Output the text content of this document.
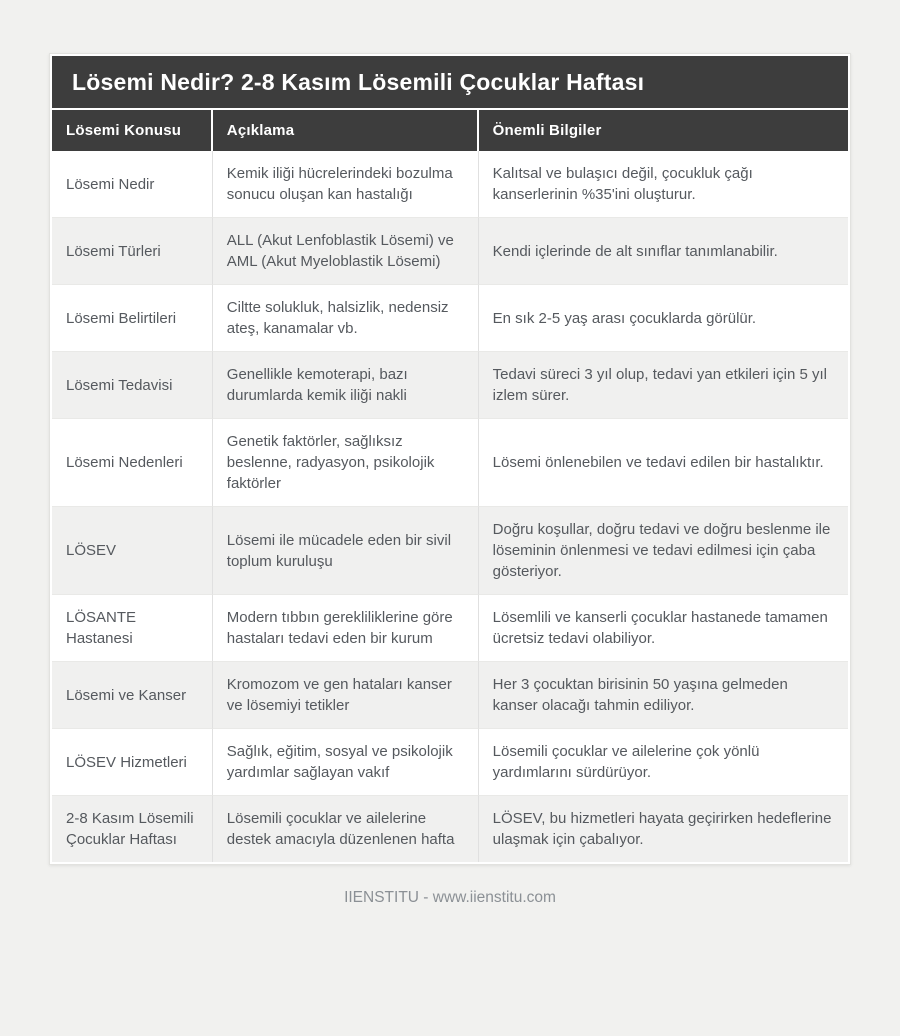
Lösemi Nedir? 2-8 Kasım Lösemili Çocuklar Haftası
Lösemi Konusu	Açıklama	Önemli Bilgiler
Lösemi Nedir	Kemik iliği hücrelerindeki bozulma sonucu oluşan kan hastalığı	Kalıtsal ve bulaşıcı değil, çocukluk çağı kanserlerinin %35'ini oluşturur.
Lösemi Türleri	ALL (Akut Lenfoblastik Lösemi) ve AML (Akut Myeloblastik Lösemi)	Kendi içlerinde de alt sınıflar tanımlanabilir.
Lösemi Belirtileri	Ciltte solukluk, halsizlik, nedensiz ateş, kanamalar vb.	En sık 2-5 yaş arası çocuklarda görülür.
Lösemi Tedavisi	Genellikle kemoterapi, bazı durumlarda kemik iliği nakli	Tedavi süreci 3 yıl olup, tedavi yan etkileri için 5 yıl izlem sürer.
Lösemi Nedenleri	Genetik faktörler, sağlıksız beslenne, radyasyon, psikolojik faktörler	Lösemi önlenebilen ve tedavi edilen bir hastalıktır.
LÖSEV	Lösemi ile mücadele eden bir sivil toplum kuruluşu	Doğru koşullar, doğru tedavi ve doğru beslenme ile löseminin önlenmesi ve tedavi edilmesi için çaba gösteriyor.
LÖSANTE Hastanesi	Modern tıbbın gerekliliklerine göre hastaları tedavi eden bir kurum	Lösemlili ve kanserli çocuklar hastanede tamamen ücretsiz tedavi olabiliyor.
Lösemi ve Kanser	Kromozom ve gen hataları kanser ve lösemiyi tetikler	Her 3 çocuktan birisinin 50 yaşına gelmeden kanser olacağı tahmin ediliyor.
LÖSEV Hizmetleri	Sağlık, eğitim, sosyal ve psikolojik yardımlar sağlayan vakıf	Lösemili çocuklar ve ailelerine çok yönlü yardımlarını sürdürüyor.
2-8 Kasım Lösemili Çocuklar Haftası	Lösemili çocuklar ve ailelerine destek amacıyla düzenlenen hafta	LÖSEV, bu hizmetleri hayata geçirirken hedeflerine ulaşmak için çabalıyor.
IIENSTITU - www.iienstitu.com
